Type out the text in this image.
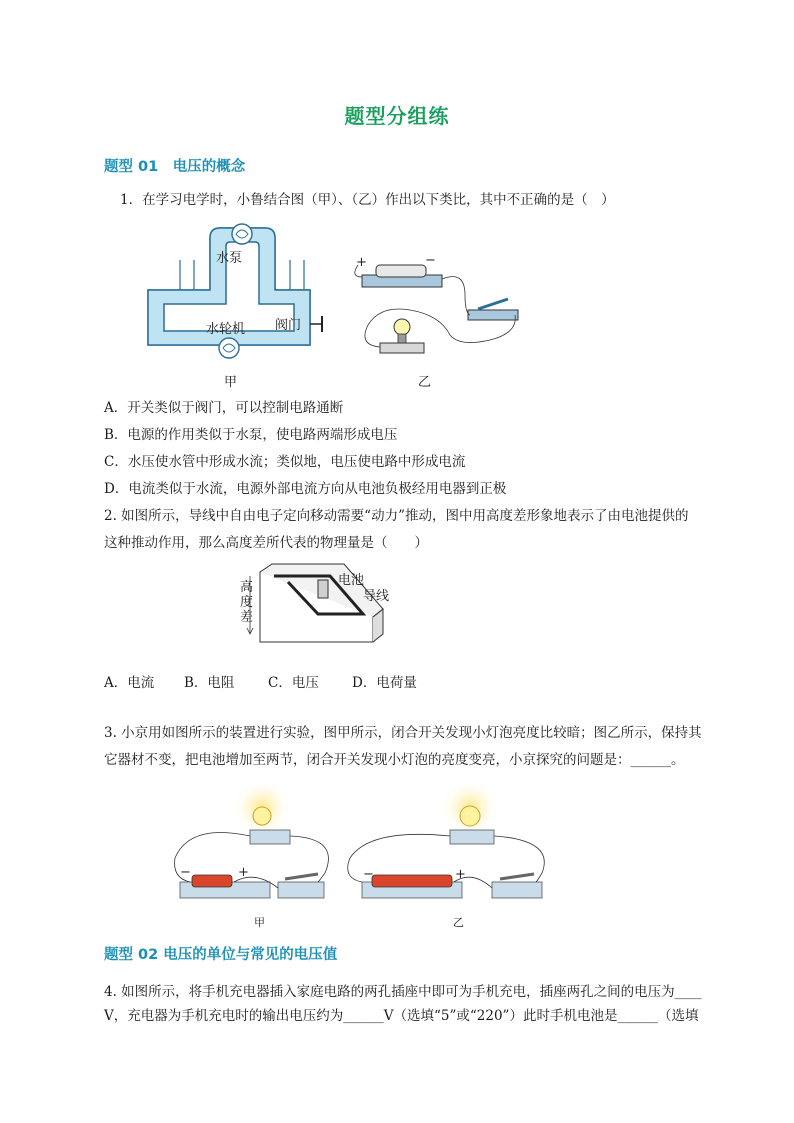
题型分组练
题型 01　电压的概念
1．在学习电学时，小鲁结合图（甲）、（乙）作出以下类比，其中不正确的是（　）
水泵
水轮机 阀门
甲
+	−
乙
A．开关类似于阀门，可以控制电路通断
B．电源的作用类似于水泵，使电路两端形成电压
C．水压使水管中形成水流；类似地，电压使电路中形成电流
D．电流类似于水流，电源外部电流方向从电池负极经用电器到正极
2. 如图所示，导线中自由电子定向移动需要“动力”推动，图中用高度差形象地表示了由电池提供的
这种推动作用，那么高度差所代表的物理量是（　　）
电池
导线
高度差
A．电流 B．电阻 C．电压 D．电荷量
3. 小京用如图所示的装置进行实验，图甲所示，闭合开关发现小灯泡亮度比较暗；图乙所示，保持其
它器材不变，把电池增加至两节，闭合开关发现小灯泡的亮度变亮，小京探究的问题是：______。
−	+	−	+
甲	乙
题型 02 电压的单位与常见的电压值
4. 如图所示，将手机充电器插入家庭电路的两孔插座中即可为手机充电，插座两孔之间的电压为____
V，充电器为手机充电时的输出电压约为______V（选填“5”或“220”）此时手机电池是______（选填
